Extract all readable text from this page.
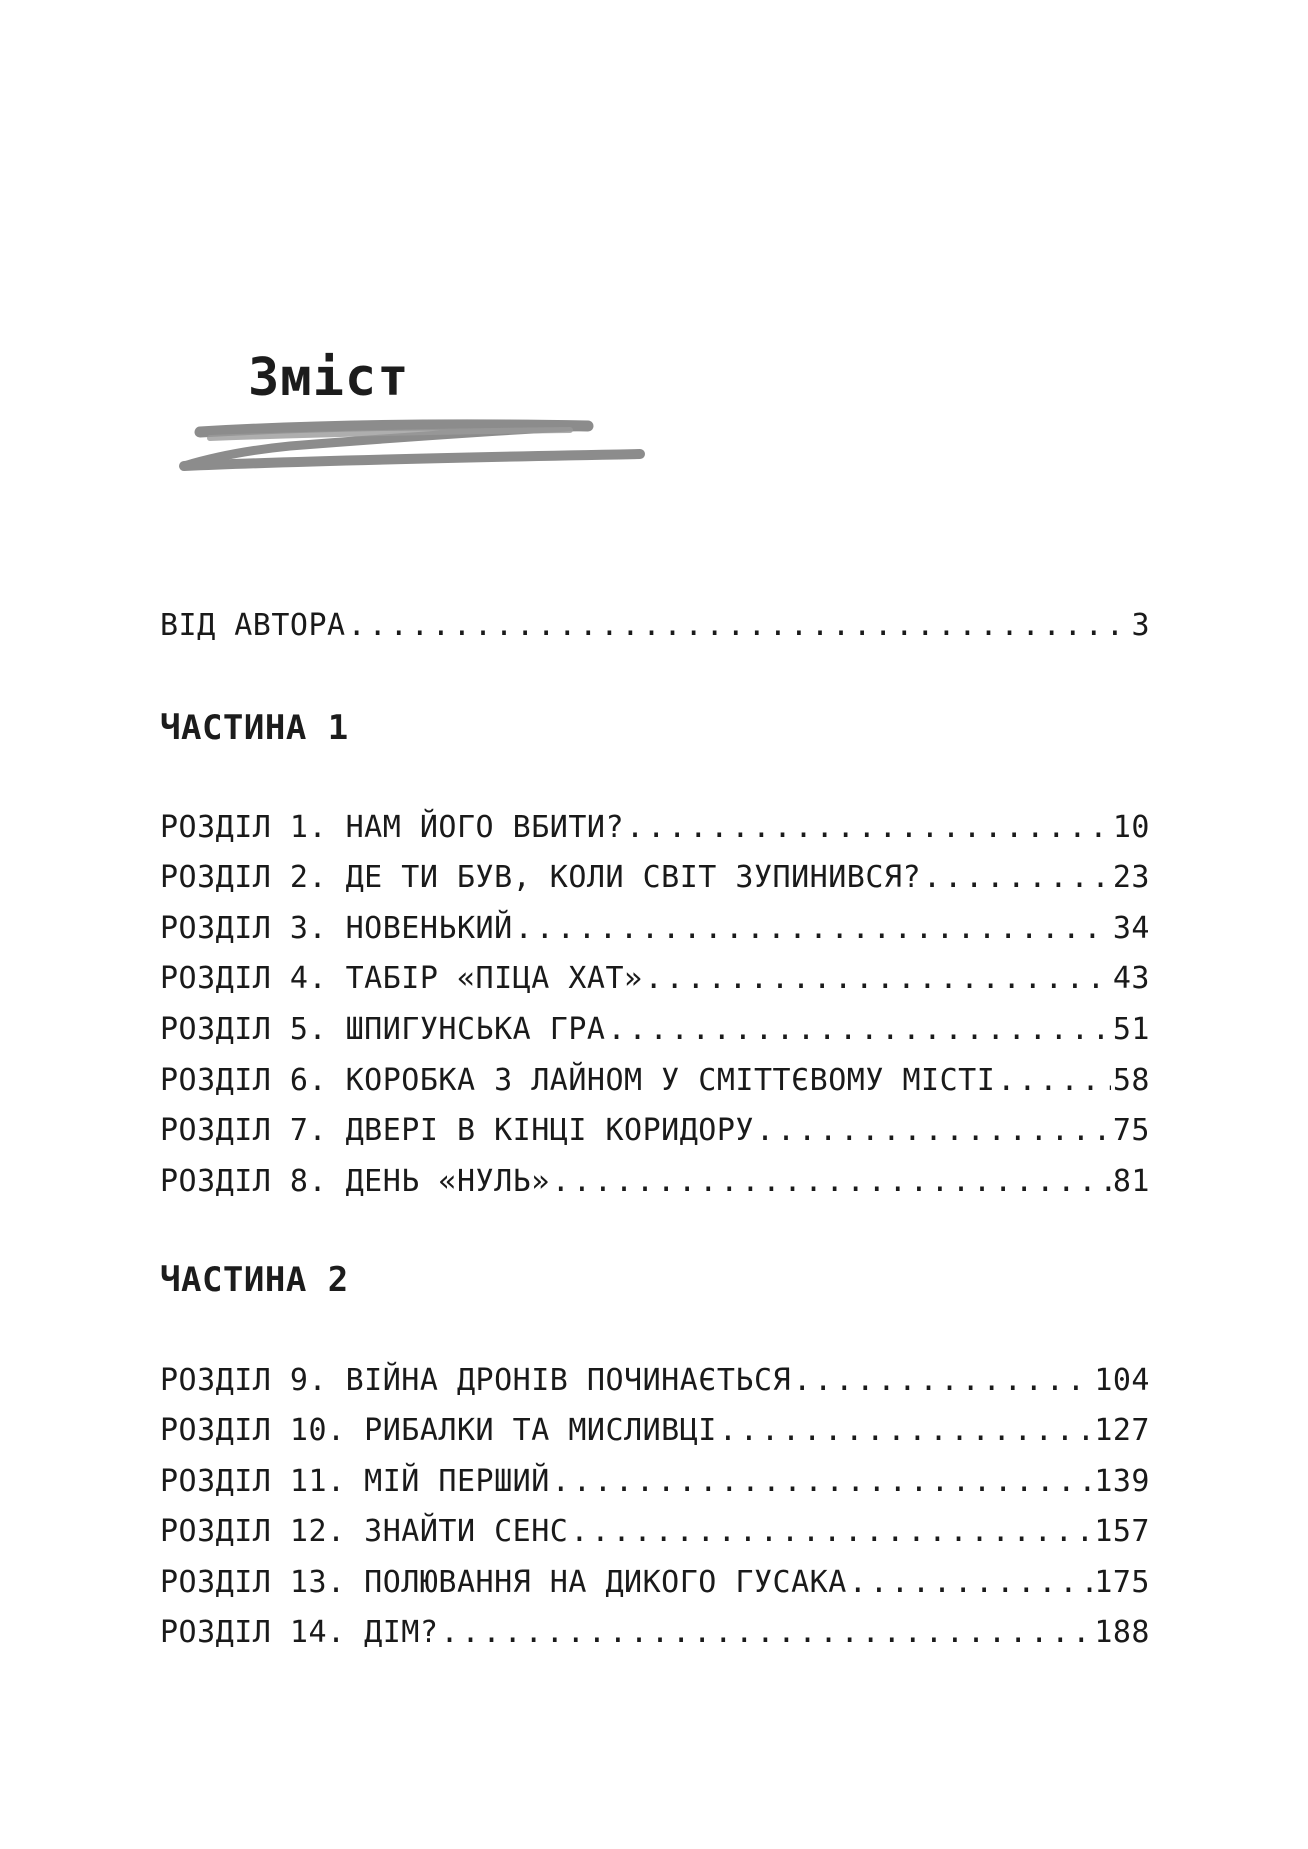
Зміст
ВІД АВТОРА .....	3
ЧАСТИНА 1
РОЗДІЛ 1. НАМ ЙОГО ВБИТИ? .....	10
РОЗДІЛ 2. ДЕ ТИ БУВ, КОЛИ СВІТ ЗУПИНИВСЯ? .....	23
РОЗДІЛ 3. НОВЕНЬКИЙ .....	34
РОЗДІЛ 4. ТАБІР «ПІЦА ХАТ» .....	43
РОЗДІЛ 5. ШПИГУНСЬКА ГРА .....	51
РОЗДІЛ 6. КОРОБКА З ЛАЙНОМ У СМІТТЄВОМУ МІСТІ .....	58
РОЗДІЛ 7. ДВЕРІ В КІНЦІ КОРИДОРУ .....	75
РОЗДІЛ 8. ДЕНЬ «НУЛЬ» .....	81
ЧАСТИНА 2
РОЗДІЛ 9. ВІЙНА ДРОНІВ ПОЧИНАЄТЬСЯ .....	104
РОЗДІЛ 10. РИБАЛКИ ТА МИСЛИВЦІ .....	127
РОЗДІЛ 11. МІЙ ПЕРШИЙ .....	139
РОЗДІЛ 12. ЗНАЙТИ СЕНС .....	157
РОЗДІЛ 13. ПОЛЮВАННЯ НА ДИКОГО ГУСАКА .....	175
РОЗДІЛ 14. ДІМ? .....	188
